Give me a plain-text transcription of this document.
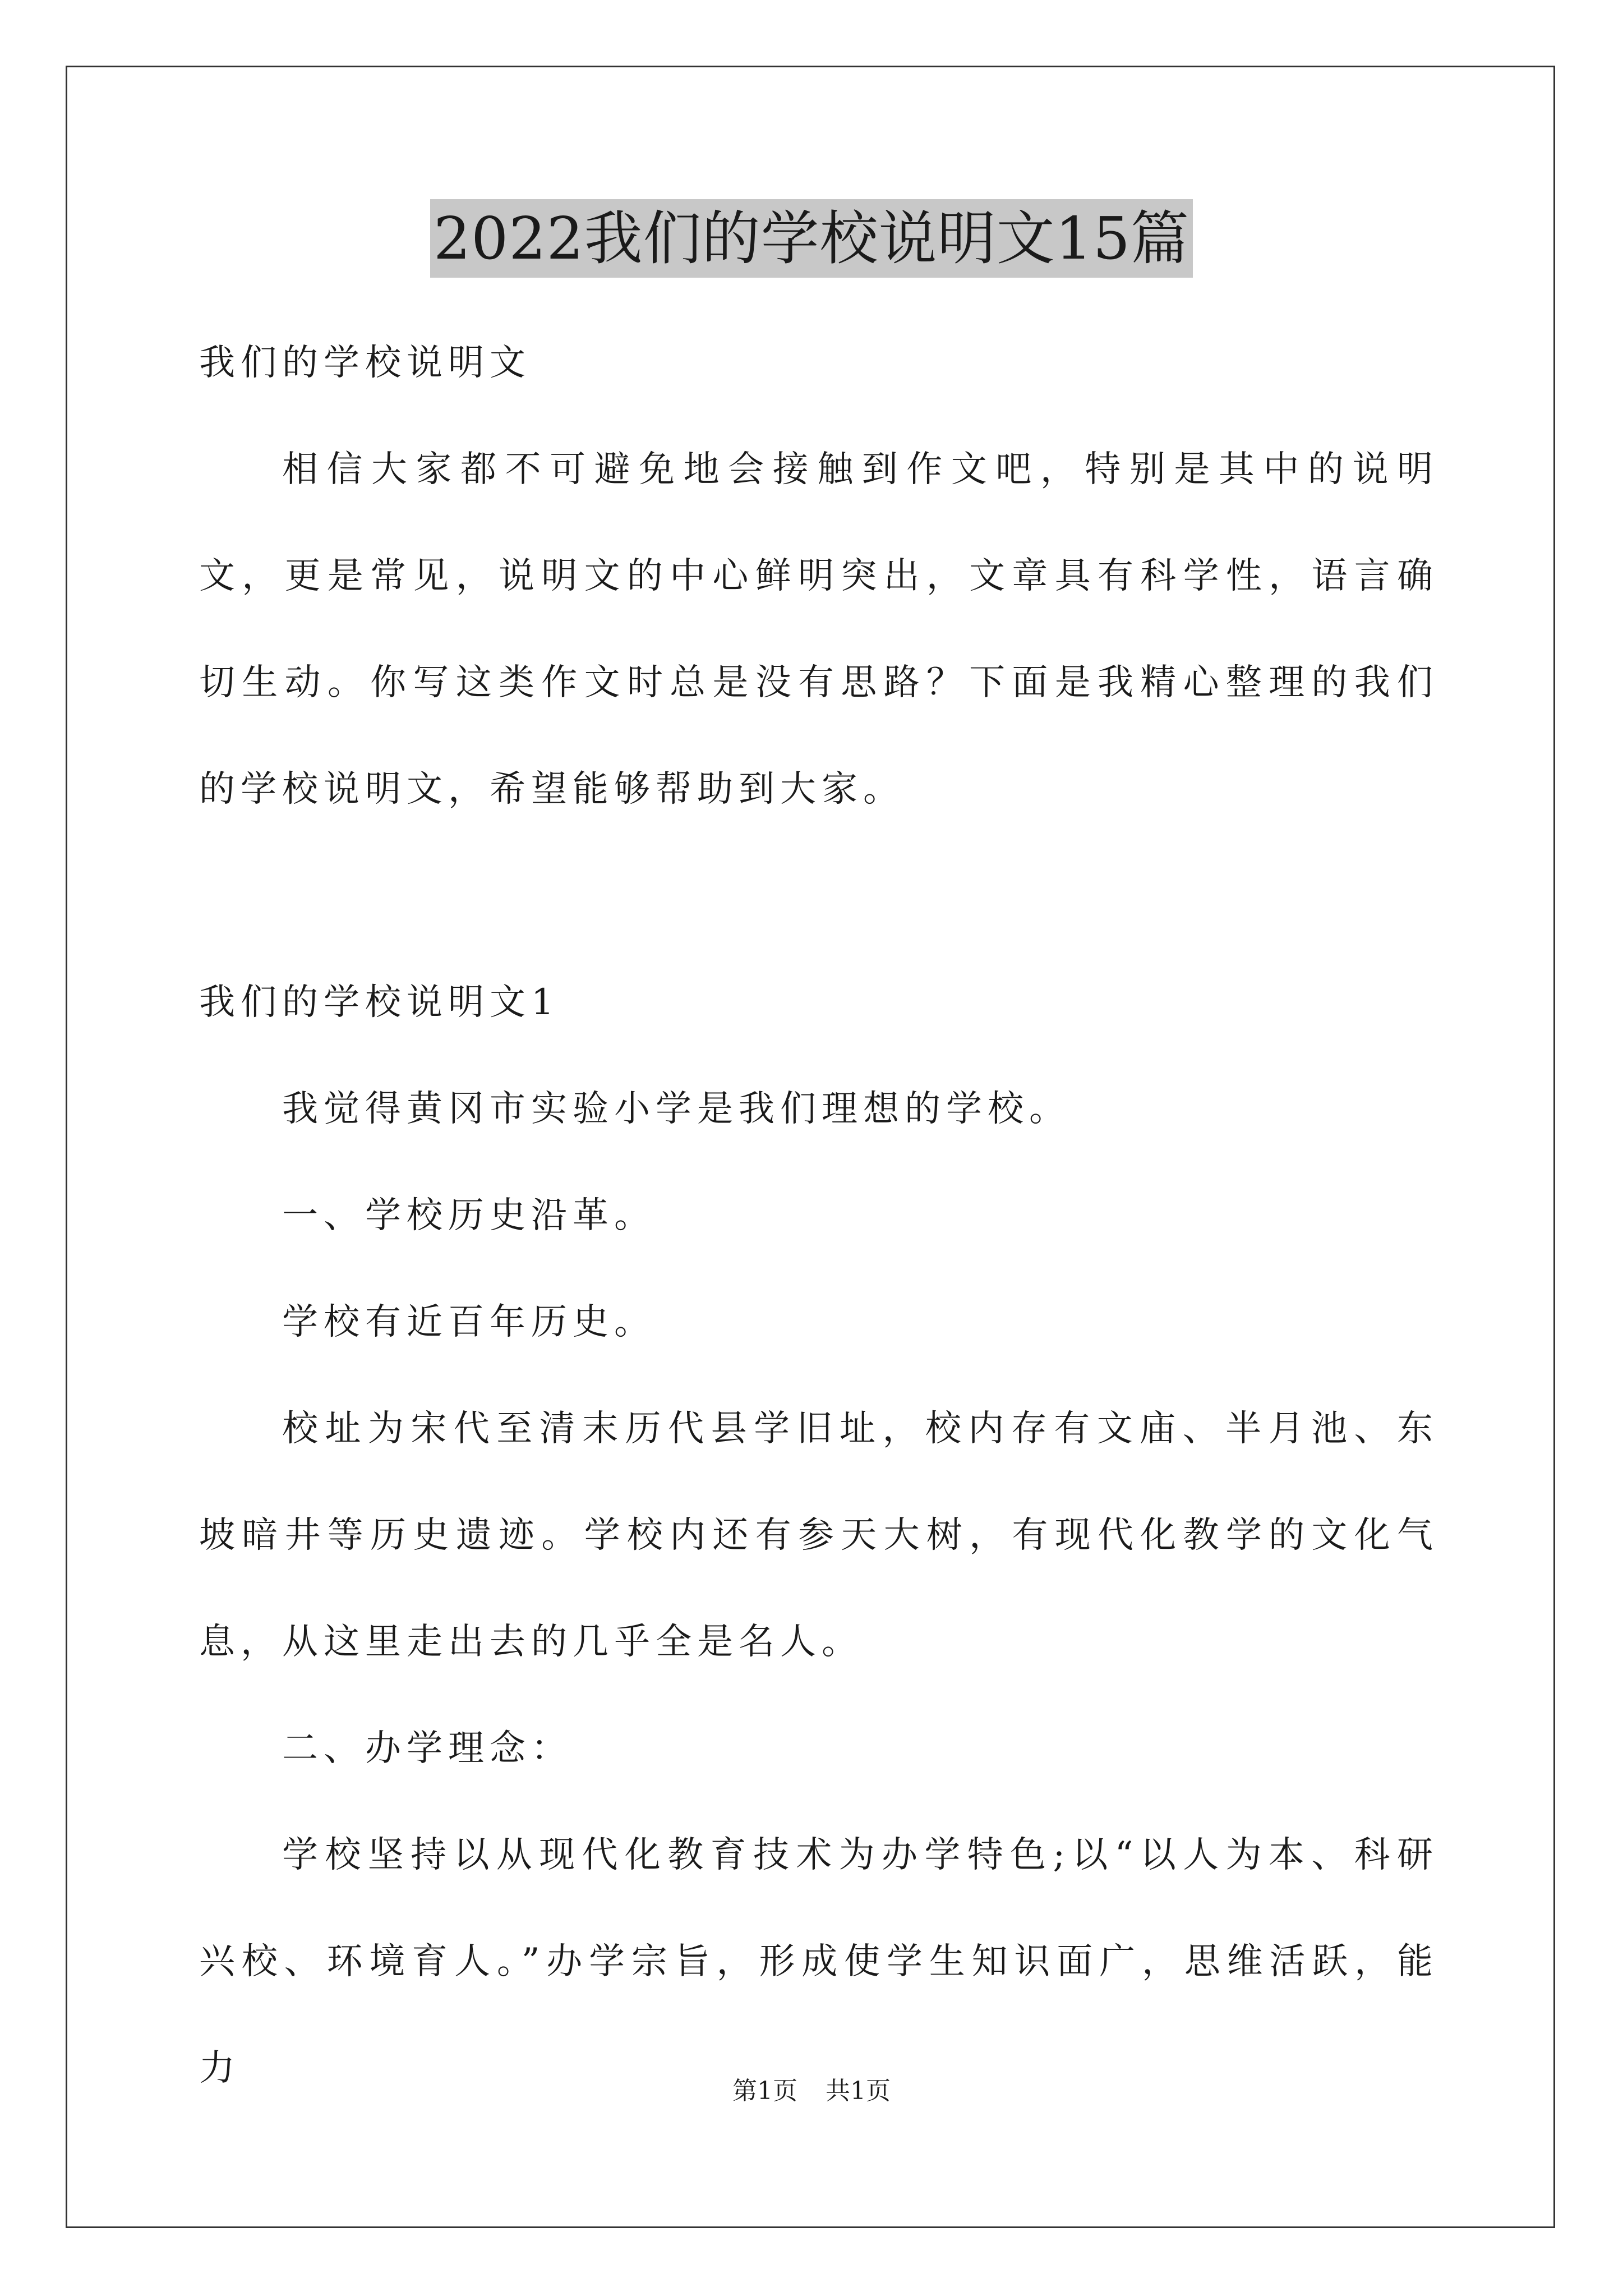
2022我们的学校说明文15篇

我们的学校说明文

相信大家都不可避免地会接触到作文吧，特别是其中的说明文，更是常见，说明文的中心鲜明突出，文章具有科学性，语言确切生动。你写这类作文时总是没有思路？下面是我精心整理的我们的学校说明文，希望能够帮助到大家。

我们的学校说明文1

我觉得黄冈市实验小学是我们理想的学校。

一、学校历史沿革。

学校有近百年历史。

校址为宋代至清末历代县学旧址，校内存有文庙、半月池、东坡暗井等历史遗迹。学校内还有参天大树，有现代化教学的文化气息，从这里走出去的几乎全是名人。

二、办学理念：

学校坚持以从现代化教育技术为办学特色;以“以人为本、科研兴校、环境育人。”办学宗旨，形成使学生知识面广，思维活跃，能力

第1页 共1页
